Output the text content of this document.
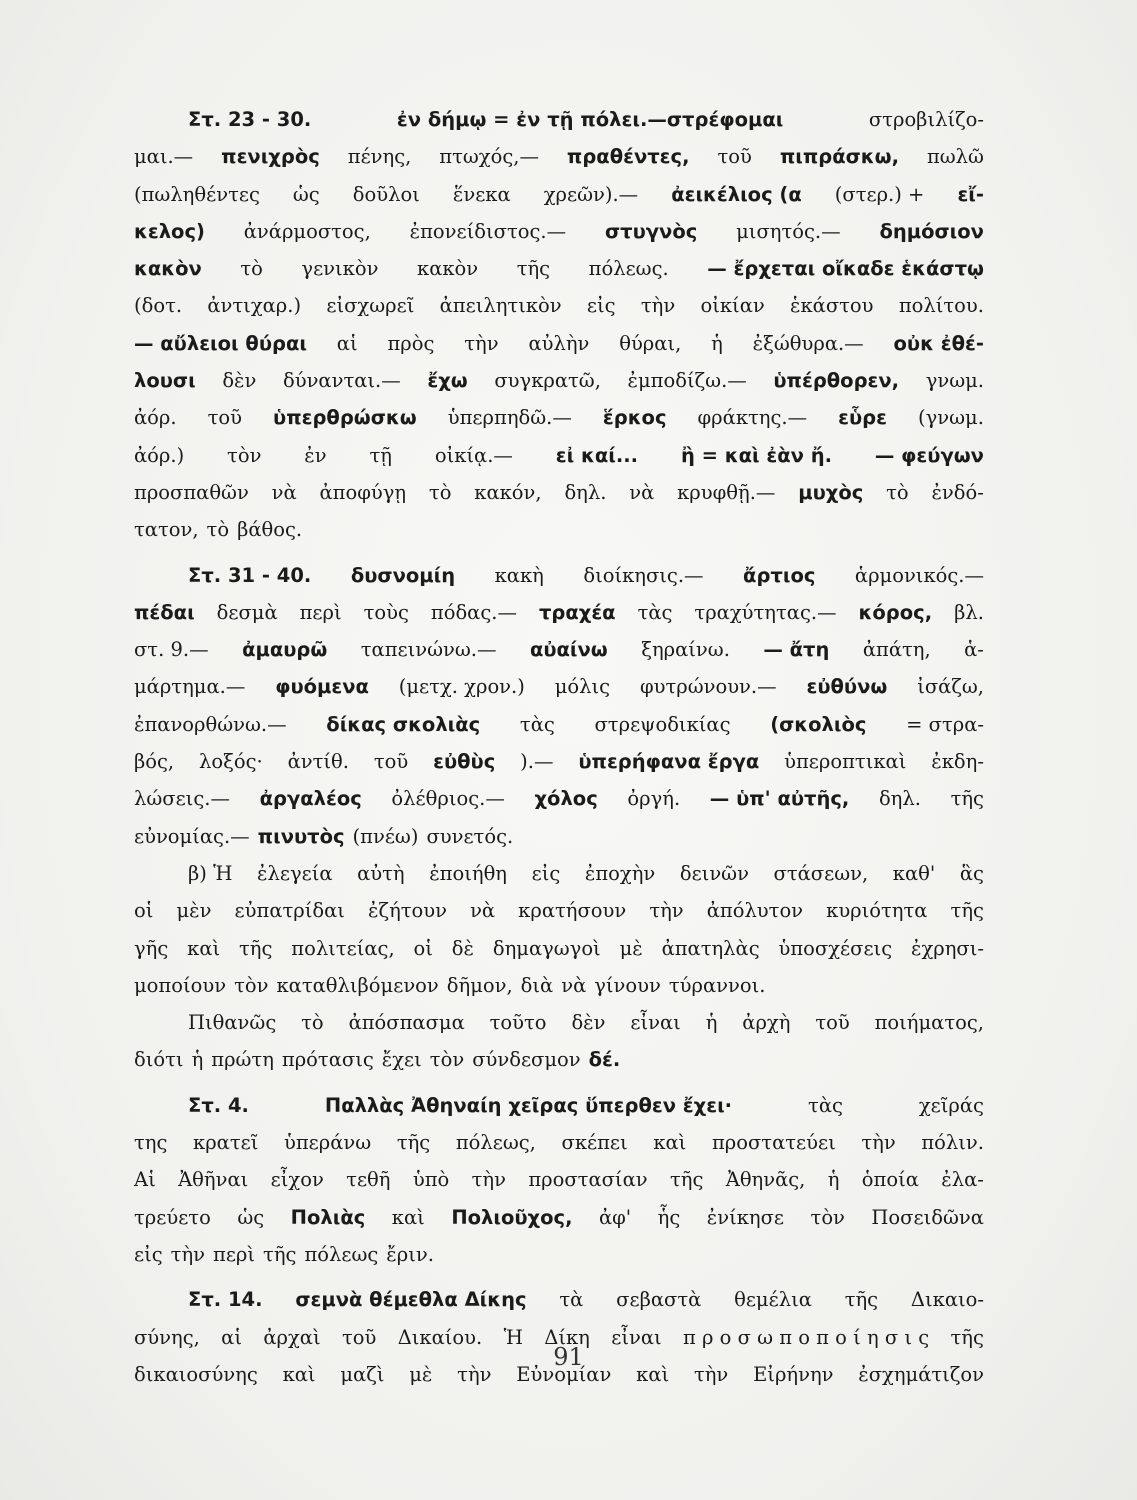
Στ. 23 - 30.	ἐν δήμῳ = ἐν τῇ πόλει.—στρέφομαι	στροβιλίζο-
μαι.— πενιχρὸς πένης, πτωχός,— πραθέντες, τοῦ πιπράσκω, πωλῶ
(πωληθέντες ὡς δοῦλοι ἕνεκα χρεῶν).— ἀεικέλιος (α (στερ.) + εἴ-
κελος) ἀνάρμοστος, ἐπονείδιστος.— στυγνὸς μισητός.— δημόσιον
κακὸν τὸ γενικὸν κακὸν τῆς πόλεως. — ἔρχεται οἴκαδε ἑκάστῳ
(δοτ. ἀντιχαρ.) εἰσχωρεῖ ἀπειλητικὸν εἰς τὴν οἰκίαν ἑκάστου πολίτου.
— αὔλειοι θύραι αἱ πρὸς τὴν αὐλὴν θύραι, ἡ ἐξώθυρα.— οὐκ ἐθέ-
λουσι δὲν δύνανται.— ἔχω συγκρατῶ, ἐμποδίζω.— ὑπέρθορεν, γνωμ.
ἀόρ. τοῦ ὑπερθρώσκω ὑπερπηδῶ.— ἕρκος φράκτης.— εὗρε (γνωμ.
ἀόρ.) τὸν ἐν τῇ οἰκίᾳ.— εἰ καί... ἢ = καὶ ἐὰν ἤ. — φεύγων
προσπαθῶν νὰ ἀποφύγῃ τὸ κακόν, δηλ. νὰ κρυφθῇ.— μυχὸς τὸ ἐνδό-
τατον, τὸ βάθος.
Στ. 31 - 40. δυσνομίη κακὴ διοίκησις.— ἄρτιος ἁρμονικός.—
πέδαι δεσμὰ περὶ τοὺς πόδας.— τραχέα τὰς τραχύτητας.— κόρος, βλ.
στ. 9.— ἀμαυρῶ ταπεινώνω.— αὐαίνω ξηραίνω. — ἄτη ἀπάτη, ἁ-
μάρτημα.— φυόμενα (μετχ. χρον.) μόλις φυτρώνουν.— εὐθύνω ἰσάζω,
ἐπανορθώνω.— δίκας σκολιὰς τὰς στρεψοδικίας (σκολιὸς = στρα-
βός, λοξός· ἀντίθ. τοῦ εὐθὺς ).— ὑπερήφανα ἔργα ὑπεροπτικαὶ ἐκδη-
λώσεις.— ἀργαλέος ὀλέθριος.— χόλος ὀργή. — ὑπ' αὐτῆς, δηλ. τῆς
εὐνομίας.— πινυτὸς (πνέω) συνετός.
β) Ἡ ἐλεγεία αὐτὴ ἐποιήθη εἰς ἐποχὴν δεινῶν στάσεων, καθ' ἃς
οἱ μὲν εὐπατρίδαι ἐζήτουν νὰ κρατήσουν τὴν ἀπόλυτον κυριότητα τῆς
γῆς καὶ τῆς πολιτείας, οἱ δὲ δημαγωγοὶ μὲ ἀπατηλὰς ὑποσχέσεις ἐχρησι-
μοποίουν τὸν καταθλιβόμενον δῆμον, διὰ νὰ γίνουν τύραννοι.
Πιθανῶς τὸ ἀπόσπασμα τοῦτο δὲν εἶναι ἡ ἀρχὴ τοῦ ποιήματος,
διότι ἡ πρώτη πρότασις ἔχει τὸν σύνδεσμον δέ.
Στ. 4.	Παλλὰς Ἀθηναίη χεῖρας ὕπερθεν ἔχει·	τὰς	χεῖράς
της κρατεῖ ὑπεράνω τῆς πόλεως, σκέπει καὶ προστατεύει τὴν πόλιν.
Αἱ Ἀθῆναι εἶχον τεθῆ ὑπὸ τὴν προστασίαν τῆς Ἀθηνᾶς, ἡ ὁποία ἐλα-
τρεύετο ὡς Πολιὰς καὶ Πολιοῦχος, ἀφ' ἧς ἐνίκησε τὸν Ποσειδῶνα
εἰς τὴν περὶ τῆς πόλεως ἔριν.
Στ. 14. σεμνὰ θέμεθλα Δίκης τὰ σεβαστὰ θεμέλια τῆς Δικαιο-
σύνης, αἱ ἀρχαὶ τοῦ Δικαίου. Ἡ Δίκη εἶναι π ρ ο σ ω π ο π ο ί η σ ι ς τῆς
δικαιοσύνης καὶ μαζὶ μὲ τὴν Εὐνομίαν καὶ τὴν Εἰρήνην ἐσχημάτιζον
91
